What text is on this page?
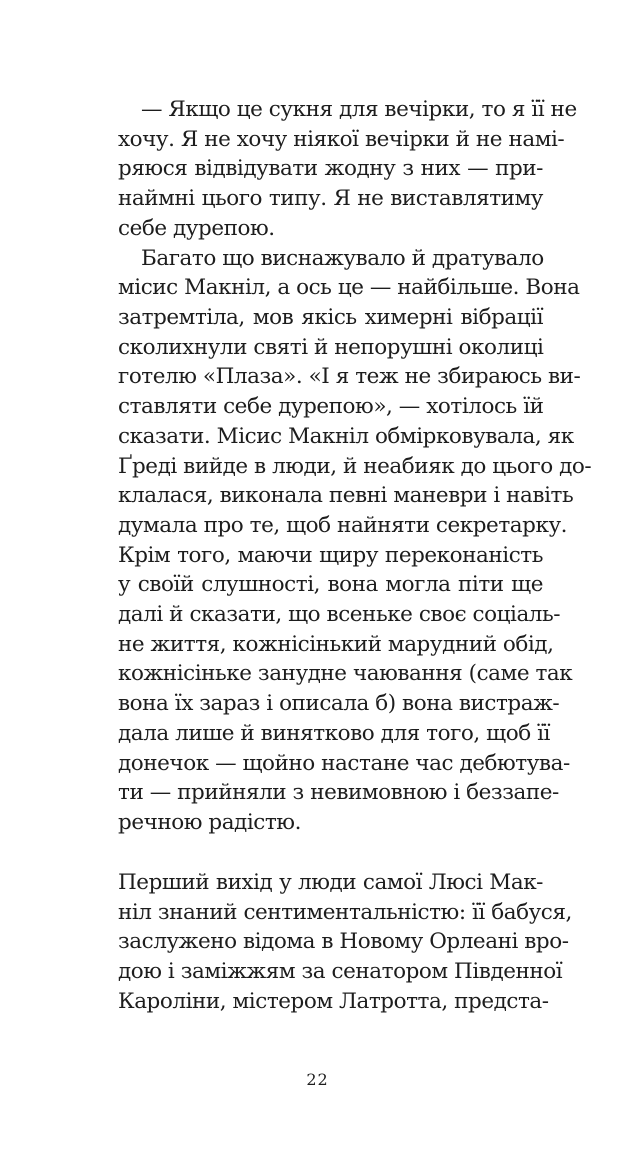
— Якщо це сукня для вечірки, то я її не
хочу. Я не хочу ніякої вечірки й не намі-
ряюся відвідувати жодну з них — при-
наймні цього типу. Я не виставлятиму
себе дурепою.
Багато що виснажувало й дратувало
місис Макніл, а ось це — найбільше. Вона
затремтіла, мов якісь химерні вібрації
сколихнули святі й непорушні околиці
готелю «Плаза». «І я теж не збираюсь ви-
ставляти себе дурепою», — хотілось їй
сказати. Місис Макніл обмірковувала, як
Ґреді вийде в люди, й неабияк до цього до-
клалася, виконала певні маневри і навіть
думала про те, щоб найняти секретарку.
Крім того, маючи щиру переконаність
у своїй слушності, вона могла піти ще
далі й сказати, що всеньке своє соціаль-
не життя, кожнісінький марудний обід,
кожнісіньке занудне чаювання (саме так
вона їх зараз і описала б) вона вистраж-
дала лише й винятково для того, щоб її
донечок — щойно настане час дебютува-
ти — прийняли з невимовною і беззапе-
речною радістю.
Перший вихід у люди самої Люсі Мак-
ніл знаний сентиментальністю: її бабуся,
заслужено відома в Новому Орлеані вро-
дою і заміжжям за сенатором Південної
Кароліни, містером Латротта, предста-
22
